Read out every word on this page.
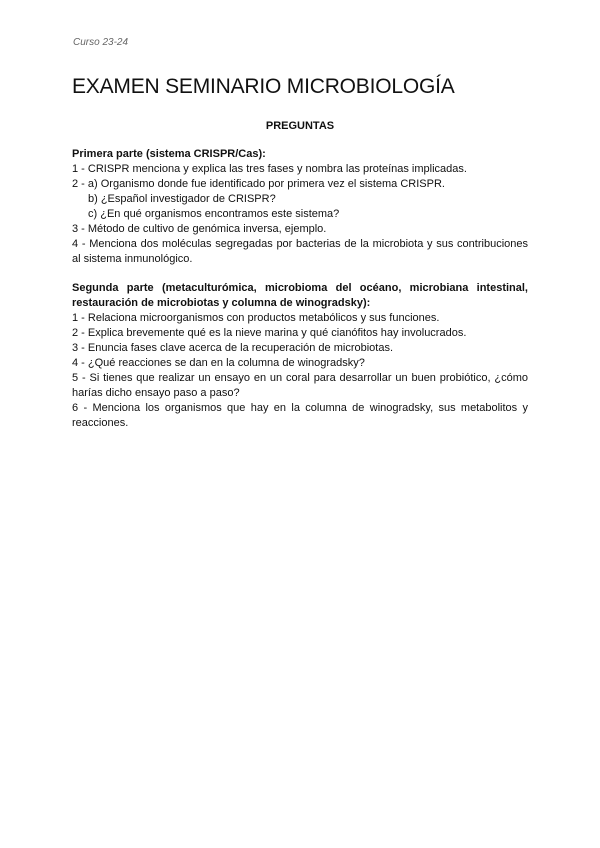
Curso 23-24
EXAMEN SEMINARIO MICROBIOLOGÍA
PREGUNTAS
Primera parte (sistema CRISPR/Cas):
1 - CRISPR menciona y explica las tres fases y nombra las proteínas implicadas.
2 - a) Organismo donde fue identificado por primera vez el sistema CRISPR.
b) ¿Español investigador de CRISPR?
c) ¿En qué organismos encontramos este sistema?
3 - Método de cultivo de genómica inversa, ejemplo.
4 - Menciona dos moléculas segregadas por bacterias de la microbiota y sus contribuciones al sistema inmunológico.
Segunda parte (metaculturómica, microbioma del océano, microbiana intestinal, restauración de microbiotas y columna de winogradsky):
1 - Relaciona microorganismos con productos metabólicos y sus funciones.
2 - Explica brevemente qué es la nieve marina y qué cianófitos hay involucrados.
3 - Enuncia fases clave acerca de la recuperación de microbiotas.
4 - ¿Qué reacciones se dan en la columna de winogradsky?
5 - Si tienes que realizar un ensayo en un coral para desarrollar un buen probiótico, ¿cómo harías dicho ensayo paso a paso?
6 - Menciona los organismos que hay en la columna de winogradsky, sus metabolitos y reacciones.
